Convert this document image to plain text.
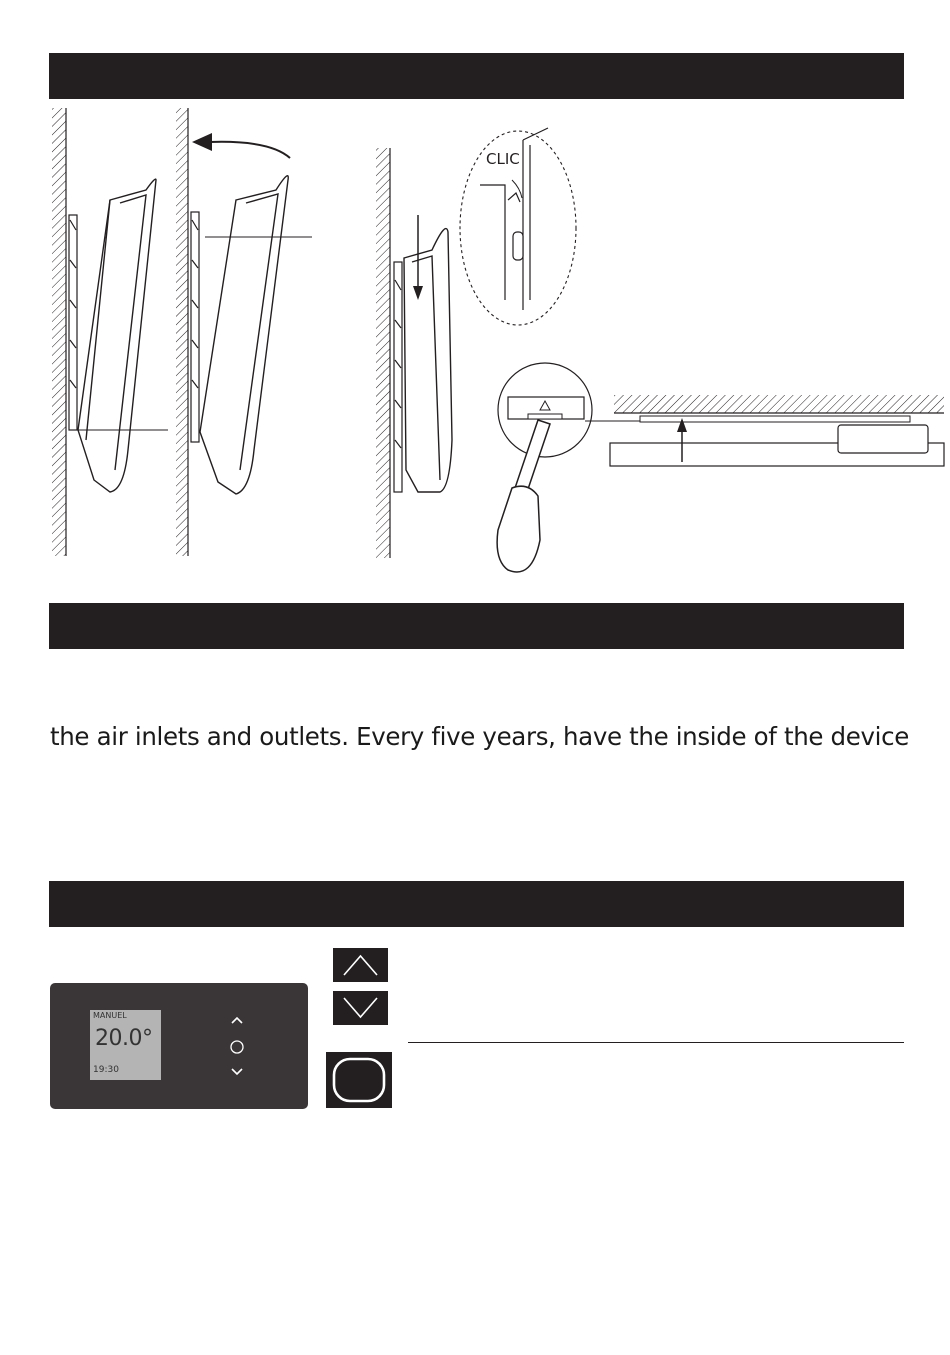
CLIC
the air inlets and outlets. Every five years, have the inside of the device
MANUEL
20.0°
19:30
